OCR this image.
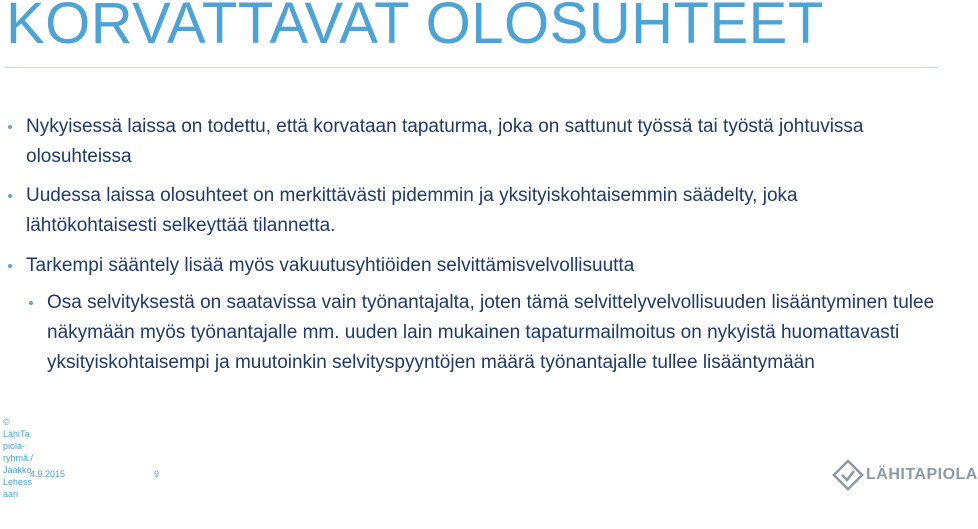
KORVATTAVAT OLOSUHTEET
Nykyisessä laissa on todettu, että korvataan tapaturma, joka on sattunut työssä tai työstä johtuvissa olosuhteissa
Uudessa laissa olosuhteet on merkittävästi pidemmin ja yksityiskohtaisemmin säädelty, joka lähtökohtaisesti selkeyttää tilannetta.
Tarkempi sääntely lisää myös vakuutusyhtiöiden selvittämisvelvollisuutta
Osa selvityksestä on saatavissa vain työnantajalta, joten tämä selvittelyvelvollisuuden lisääntyminen tulee näkymään myös työnantajalle mm. uuden lain mukainen tapaturmailmoitus on nykyistä huomattavasti yksityiskohtaisempi ja muutoinkin selvityspyyntöjen määrä työnantajalle tullee lisääntymään
© LähiTapiola-ryhmä / Jaakko Lehessaari
4.9.2015	9	LÄHITAPIOLA
